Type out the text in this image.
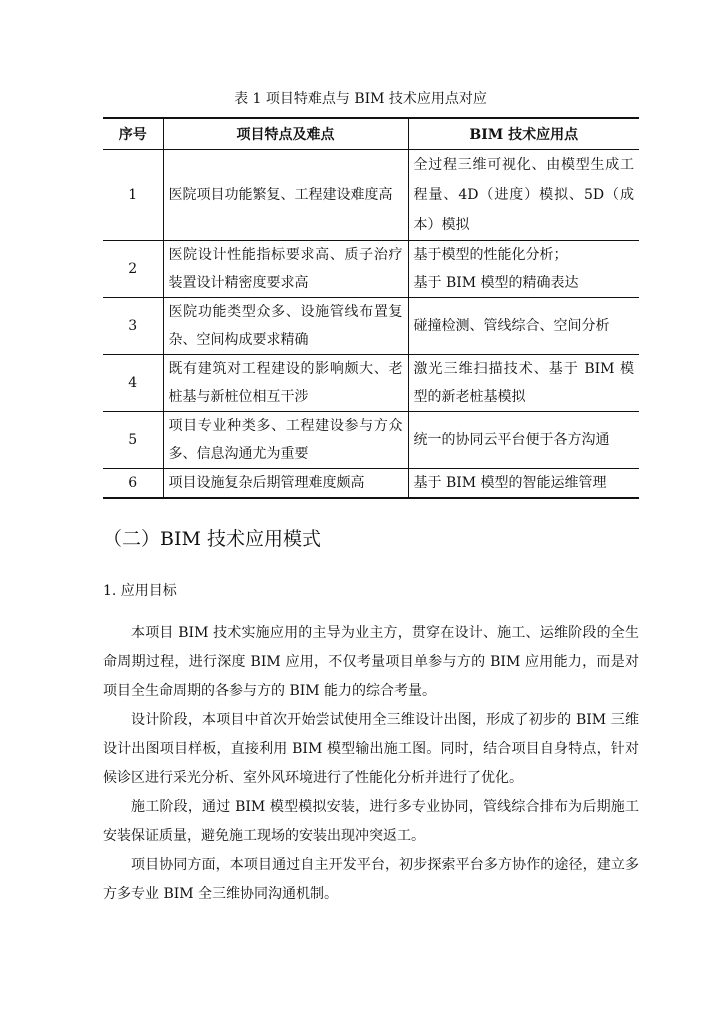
表 1 项目特难点与 BIM 技术应用点对应
序号	项目特点及难点	BIM 技术应用点
1	医院项目功能繁复、工程建设难度高	全过程三维可视化、由模型生成工程量、4D（进度）模拟、5D（成本）模拟
2	医院设计性能指标要求高、质子治疗装置设计精密度要求高	基于模型的性能化分析；
基于 BIM 模型的精确表达
3	医院功能类型众多、设施管线布置复杂、空间构成要求精确	碰撞检测、管线综合、空间分析
4	既有建筑对工程建设的影响颇大、老桩基与新桩位相互干涉	激光三维扫描技术、基于 BIM 模型的新老桩基模拟
5	项目专业种类多、工程建设参与方众多、信息沟通尤为重要	统一的协同云平台便于各方沟通
6	项目设施复杂后期管理难度颇高	基于 BIM 模型的智能运维管理
（二）BIM 技术应用模式
1. 应用目标

本项目 BIM 技术实施应用的主导为业主方，贯穿在设计、施工、运维阶段的全生命周期过程，进行深度 BIM 应用，不仅考量项目单参与方的 BIM 应用能力，而是对项目全生命周期的各参与方的 BIM 能力的综合考量。

设计阶段，本项目中首次开始尝试使用全三维设计出图，形成了初步的 BIM 三维设计出图项目样板，直接利用 BIM 模型输出施工图。同时，结合项目自身特点，针对候诊区进行采光分析、室外风环境进行了性能化分析并进行了优化。

施工阶段，通过 BIM 模型模拟安装，进行多专业协同，管线综合排布为后期施工安装保证质量，避免施工现场的安装出现冲突返工。

项目协同方面，本项目通过自主开发平台，初步探索平台多方协作的途径，建立多方多专业 BIM 全三维协同沟通机制。
